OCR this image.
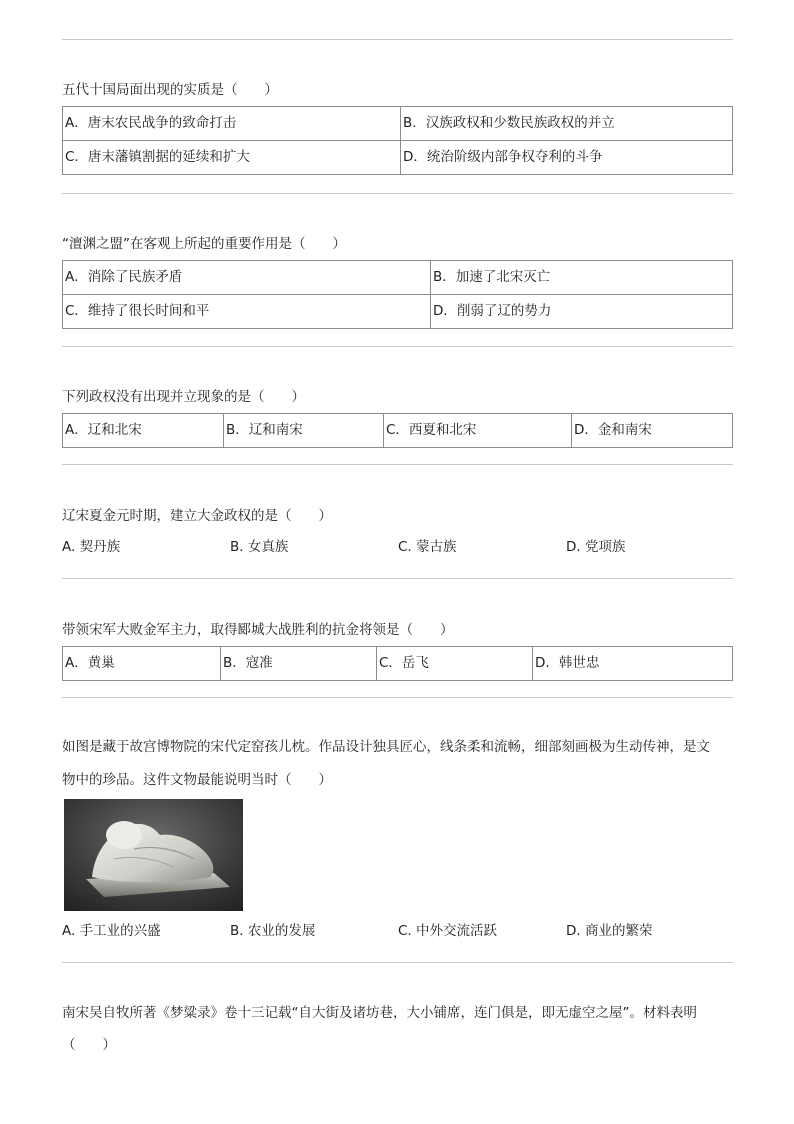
五代十国局面出现的实质是（　　）
A．唐末农民战争的致命打击	B．汉族政权和少数民族政权的并立
C．唐末藩镇割据的延续和扩大	D．统治阶级内部争权夺利的斗争
“澶渊之盟”在客观上所起的重要作用是（　　）
A．消除了民族矛盾	B．加速了北宋灭亡
C．维持了很长时间和平	D．削弱了辽的势力
下列政权没有出现并立现象的是（　　）
A．辽和北宋	B．辽和南宋	C．西夏和北宋	D．金和南宋
辽宋夏金元时期，建立大金政权的是（　　）
A. 契丹族	B. 女真族	C. 蒙古族	D. 党项族
带领宋军大败金军主力，取得郾城大战胜利的抗金将领是（　　）
A．黄巢	B．寇准	C．岳飞	D．韩世忠
如图是藏于故宫博物院的宋代定窑孩儿枕。作品设计独具匠心，线条柔和流畅，细部刻画极为生动传神，是文
物中的珍品。这件文物最能说明当时（　　）
A. 手工业的兴盛	B. 农业的发展	C. 中外交流活跃	D. 商业的繁荣
南宋吴自牧所著《梦粱录》卷十三记载“自大街及诸坊巷，大小铺席，连门俱是，即无虚空之屋”。材料表明
（　　）
